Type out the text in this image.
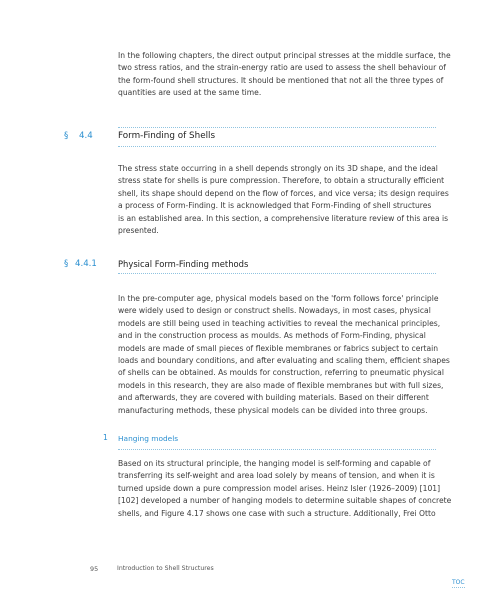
In the following chapters, the direct output principal stresses at the middle surface, the
two stress ratios, and the strain-energy ratio are used to assess the shell behaviour of
the form-found shell structures. It should be mentioned that not all the three types of
quantities are used at the same time.
§ 4.4	Form-Finding of Shells
The stress state occurring in a shell depends strongly on its 3D shape, and the ideal
stress state for shells is pure compression. Therefore, to obtain a structurally efficient
shell, its shape should depend on the flow of forces, and vice versa; its design requires
a process of Form-Finding. It is acknowledged that Form-Finding of shell structures
is an established area. In this section, a comprehensive literature review of this area is
presented.
§ 4.4.1	Physical Form-Finding methods
In the pre-computer age, physical models based on the 'form follows force' principle
were widely used to design or construct shells. Nowadays, in most cases, physical
models are still being used in teaching activities to reveal the mechanical principles,
and in the construction process as moulds. As methods of Form-Finding, physical
models are made of small pieces of flexible membranes or fabrics subject to certain
loads and boundary conditions, and after evaluating and scaling them, efficient shapes
of shells can be obtained. As moulds for construction, referring to pneumatic physical
models in this research, they are also made of flexible membranes but with full sizes,
and afterwards, they are covered with building materials. Based on their different
manufacturing methods, these physical models can be divided into three groups.
1 Hanging models
Based on its structural principle, the hanging model is self-forming and capable of
transferring its self-weight and area load solely by means of tension, and when it is
turned upside down a pure compression model arises. Heinz Isler (1926–2009) [101]
[102] developed a number of hanging models to determine suitable shapes of concrete
shells, and Figure 4.17 shows one case with such a structure. Additionally, Frei Otto
95	Introduction to Shell Structures
TOC
